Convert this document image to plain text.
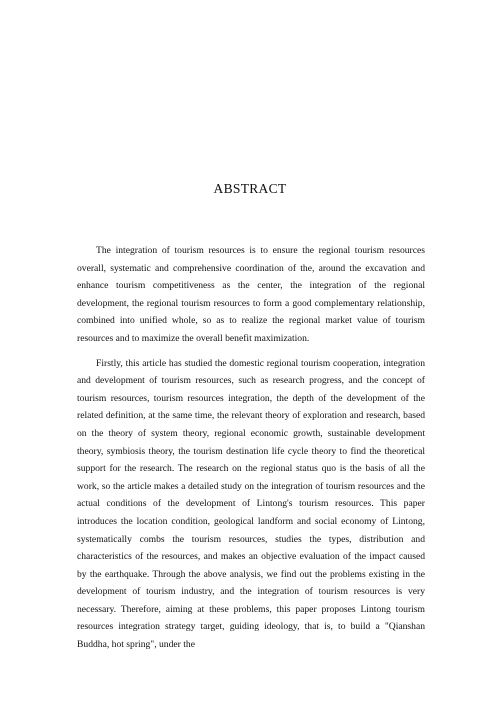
ABSTRACT

The integration of tourism resources is to ensure the regional tourism resources overall, systematic and comprehensive coordination of the, around the excavation and enhance tourism competitiveness as the center, the integration of the regional development, the regional tourism resources to form a good complementary relationship, combined into unified whole, so as to realize the regional market value of tourism resources and to maximize the overall benefit maximization.

Firstly, this article has studied the domestic regional tourism cooperation, integration and development of tourism resources, such as research progress, and the concept of tourism resources, tourism resources integration, the depth of the development of the related definition, at the same time, the relevant theory of exploration and research, based on the theory of system theory, regional economic growth, sustainable development theory, symbiosis theory, the tourism destination life cycle theory to find the theoretical support for the research. The research on the regional status quo is the basis of all the work, so the article makes a detailed study on the integration of tourism resources and the actual conditions of the development of Lintong's tourism resources. This paper introduces the location condition, geological landform and social economy of Lintong, systematically combs the tourism resources, studies the types, distribution and characteristics of the resources, and makes an objective evaluation of the impact caused by the earthquake. Through the above analysis, we find out the problems existing in the development of tourism industry, and the integration of tourism resources is very necessary. Therefore, aiming at these problems, this paper proposes Lintong tourism resources integration strategy target, guiding ideology, that is, to build a "Qianshan Buddha, hot spring", under the
